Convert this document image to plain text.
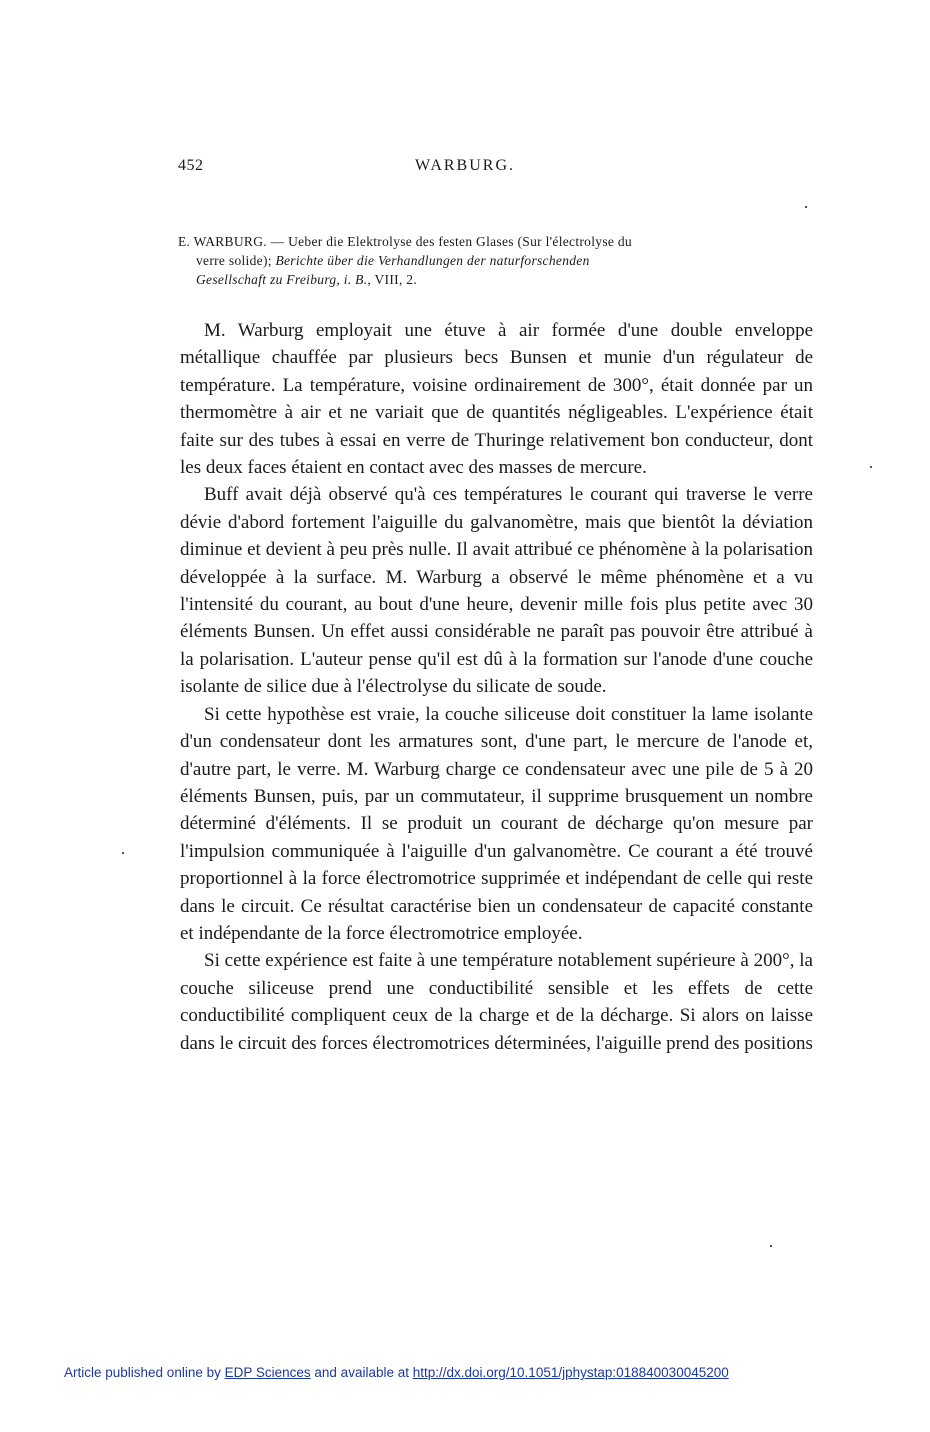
452	WARBURG.
E. WARBURG. — Ueber die Elektrolyse des festen Glases (Sur l'électrolyse du
verre solide); Berichte über die Verhandlungen der naturforschenden
Gesellschaft zu Freiburg, i. B., VIII, 2.

M. Warburg employait une étuve à air formée d'une double enveloppe métallique chauffée par plusieurs becs Bunsen et munie d'un régulateur de température. La température, voisine ordinairement de 300°, était donnée par un thermomètre à air et ne variait que de quantités négligeables. L'expérience était faite sur des tubes à essai en verre de Thuringe relativement bon conducteur, dont les deux faces étaient en contact avec des masses de mercure.

Buff avait déjà observé qu'à ces températures le courant qui traverse le verre dévie d'abord fortement l'aiguille du galvanomètre, mais que bientôt la déviation diminue et devient à peu près nulle. Il avait attribué ce phénomène à la polarisation développée à la surface. M. Warburg a observé le même phénomène et a vu l'intensité du courant, au bout d'une heure, devenir mille fois plus petite avec 30 éléments Bunsen. Un effet aussi considérable ne paraît pas pouvoir être attribué à la polarisation. L'auteur pense qu'il est dû à la formation sur l'anode d'une couche isolante de silice due à l'électrolyse du silicate de soude.

Si cette hypothèse est vraie, la couche siliceuse doit constituer la lame isolante d'un condensateur dont les armatures sont, d'une part, le mercure de l'anode et, d'autre part, le verre. M. Warburg charge ce condensateur avec une pile de 5 à 20 éléments Bunsen, puis, par un commutateur, il supprime brusquement un nombre déterminé d'éléments. Il se produit un courant de décharge qu'on mesure par l'impulsion communiquée à l'aiguille d'un galvanomètre. Ce courant a été trouvé proportionnel à la force électromotrice supprimée et indépendant de celle qui reste dans le circuit. Ce résultat caractérise bien un condensateur de capacité constante et indépendante de la force électromotrice employée.

Si cette expérience est faite à une température notablement supérieure à 200°, la couche siliceuse prend une conductibilité sensible et les effets de cette conductibilité compliquent ceux de la charge et de la décharge. Si alors on laisse dans le circuit des forces électromotrices déterminées, l'aiguille prend des positions

Article published online by EDP Sciences and available at http://dx.doi.org/10.1051/jphystap:018840030045200
